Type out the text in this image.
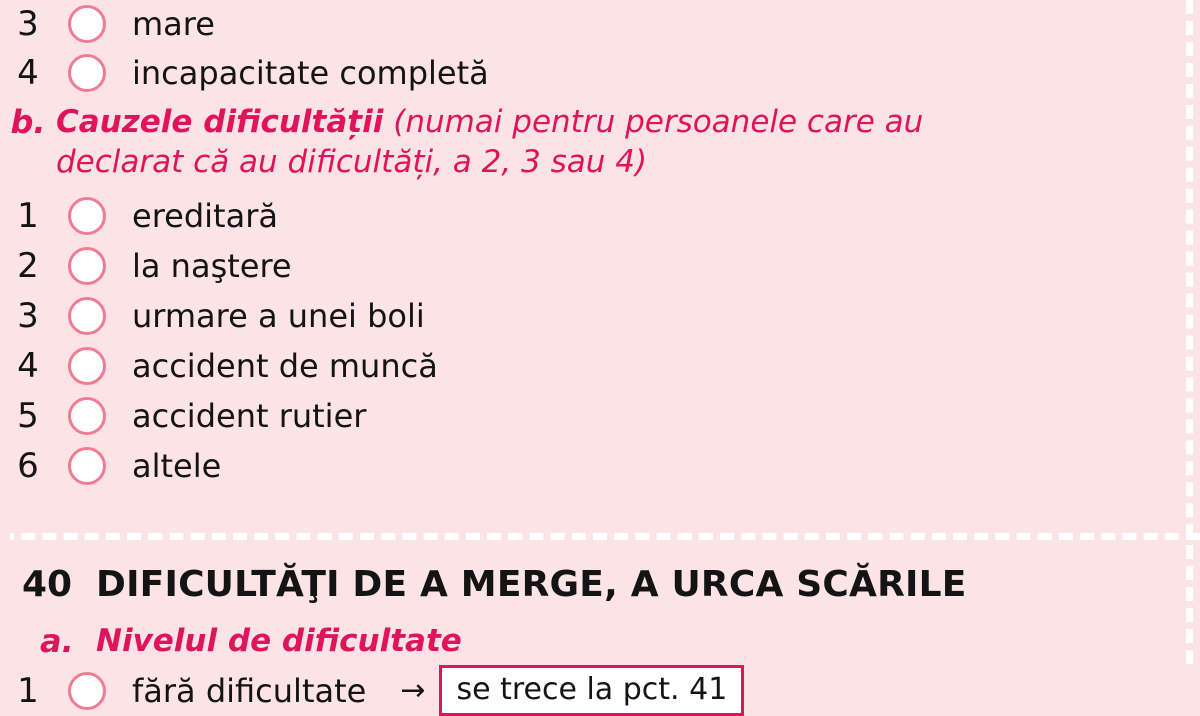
3	mare
4	incapacitate completă
b. Cauzele dificultății (numai pentru persoanele care au declarat că au dificultăți, a 2, 3 sau 4)
1	ereditară
2	la naştere
3	urmare a unei boli
4	accident de muncă
5	accident rutier
6	altele
40 DIFICULTĂŢI DE A MERGE, A URCA SCĂRILE
a. Nivelul de dificultate
1	fără dificultate →	se trece la pct. 41
